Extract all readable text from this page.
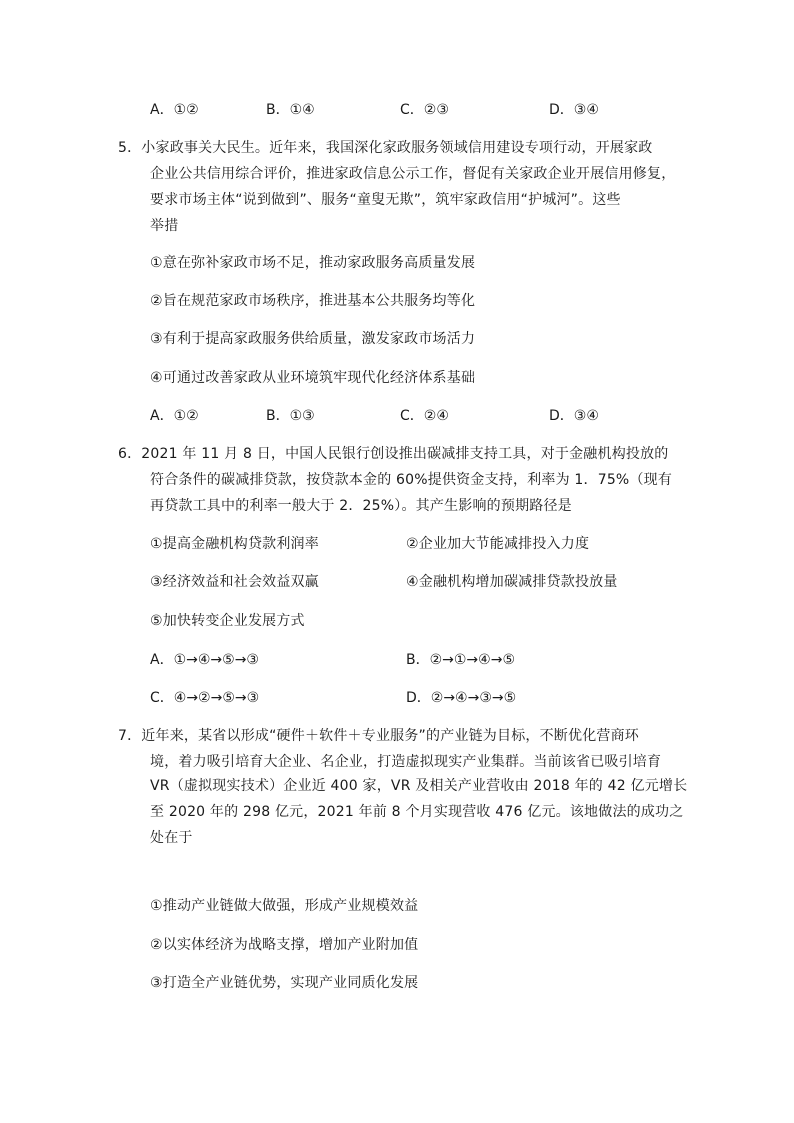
A．①②	B．①④	C．②③	D．③④
5．小家政事关大民生。近年来，我国深化家政服务领域信用建设专项行动，开展家政
企业公共信用综合评价，推进家政信息公示工作，督促有关家政企业开展信用修复，
要求市场主体“说到做到”、服务“童叟无欺”，筑牢家政信用“护城河”。这些
举措
①意在弥补家政市场不足，推动家政服务高质量发展
②旨在规范家政市场秩序，推进基本公共服务均等化
③有利于提高家政服务供给质量，激发家政市场活力
④可通过改善家政从业环境筑牢现代化经济体系基础
A．①②	B．①③	C．②④	D．③④
6．2021 年 11 月 8 日，中国人民银行创设推出碳减排支持工具，对于金融机构投放的
符合条件的碳减排贷款，按贷款本金的 60%提供资金支持，利率为 1．75%（现有
再贷款工具中的利率一般大于 2．25%）。其产生影响的预期路径是
①提高金融机构贷款利润率	②企业加大节能减排投入力度
③经济效益和社会效益双赢	④金融机构增加碳减排贷款投放量
⑤加快转变企业发展方式
A．①→④→⑤→③	B．②→①→④→⑤
C．④→②→⑤→③	D．②→④→③→⑤
7．近年来，某省以形成“硬件＋软件＋专业服务”的产业链为目标，不断优化营商环
境，着力吸引培育大企业、名企业，打造虚拟现实产业集群。当前该省已吸引培育
VR（虚拟现实技术）企业近 400 家，VR 及相关产业营收由 2018 年的 42 亿元增长
至 2020 年的 298 亿元，2021 年前 8 个月实现营收 476 亿元。该地做法的成功之
处在于
①推动产业链做大做强，形成产业规模效益
②以实体经济为战略支撑，增加产业附加值
③打造全产业链优势，实现产业同质化发展
